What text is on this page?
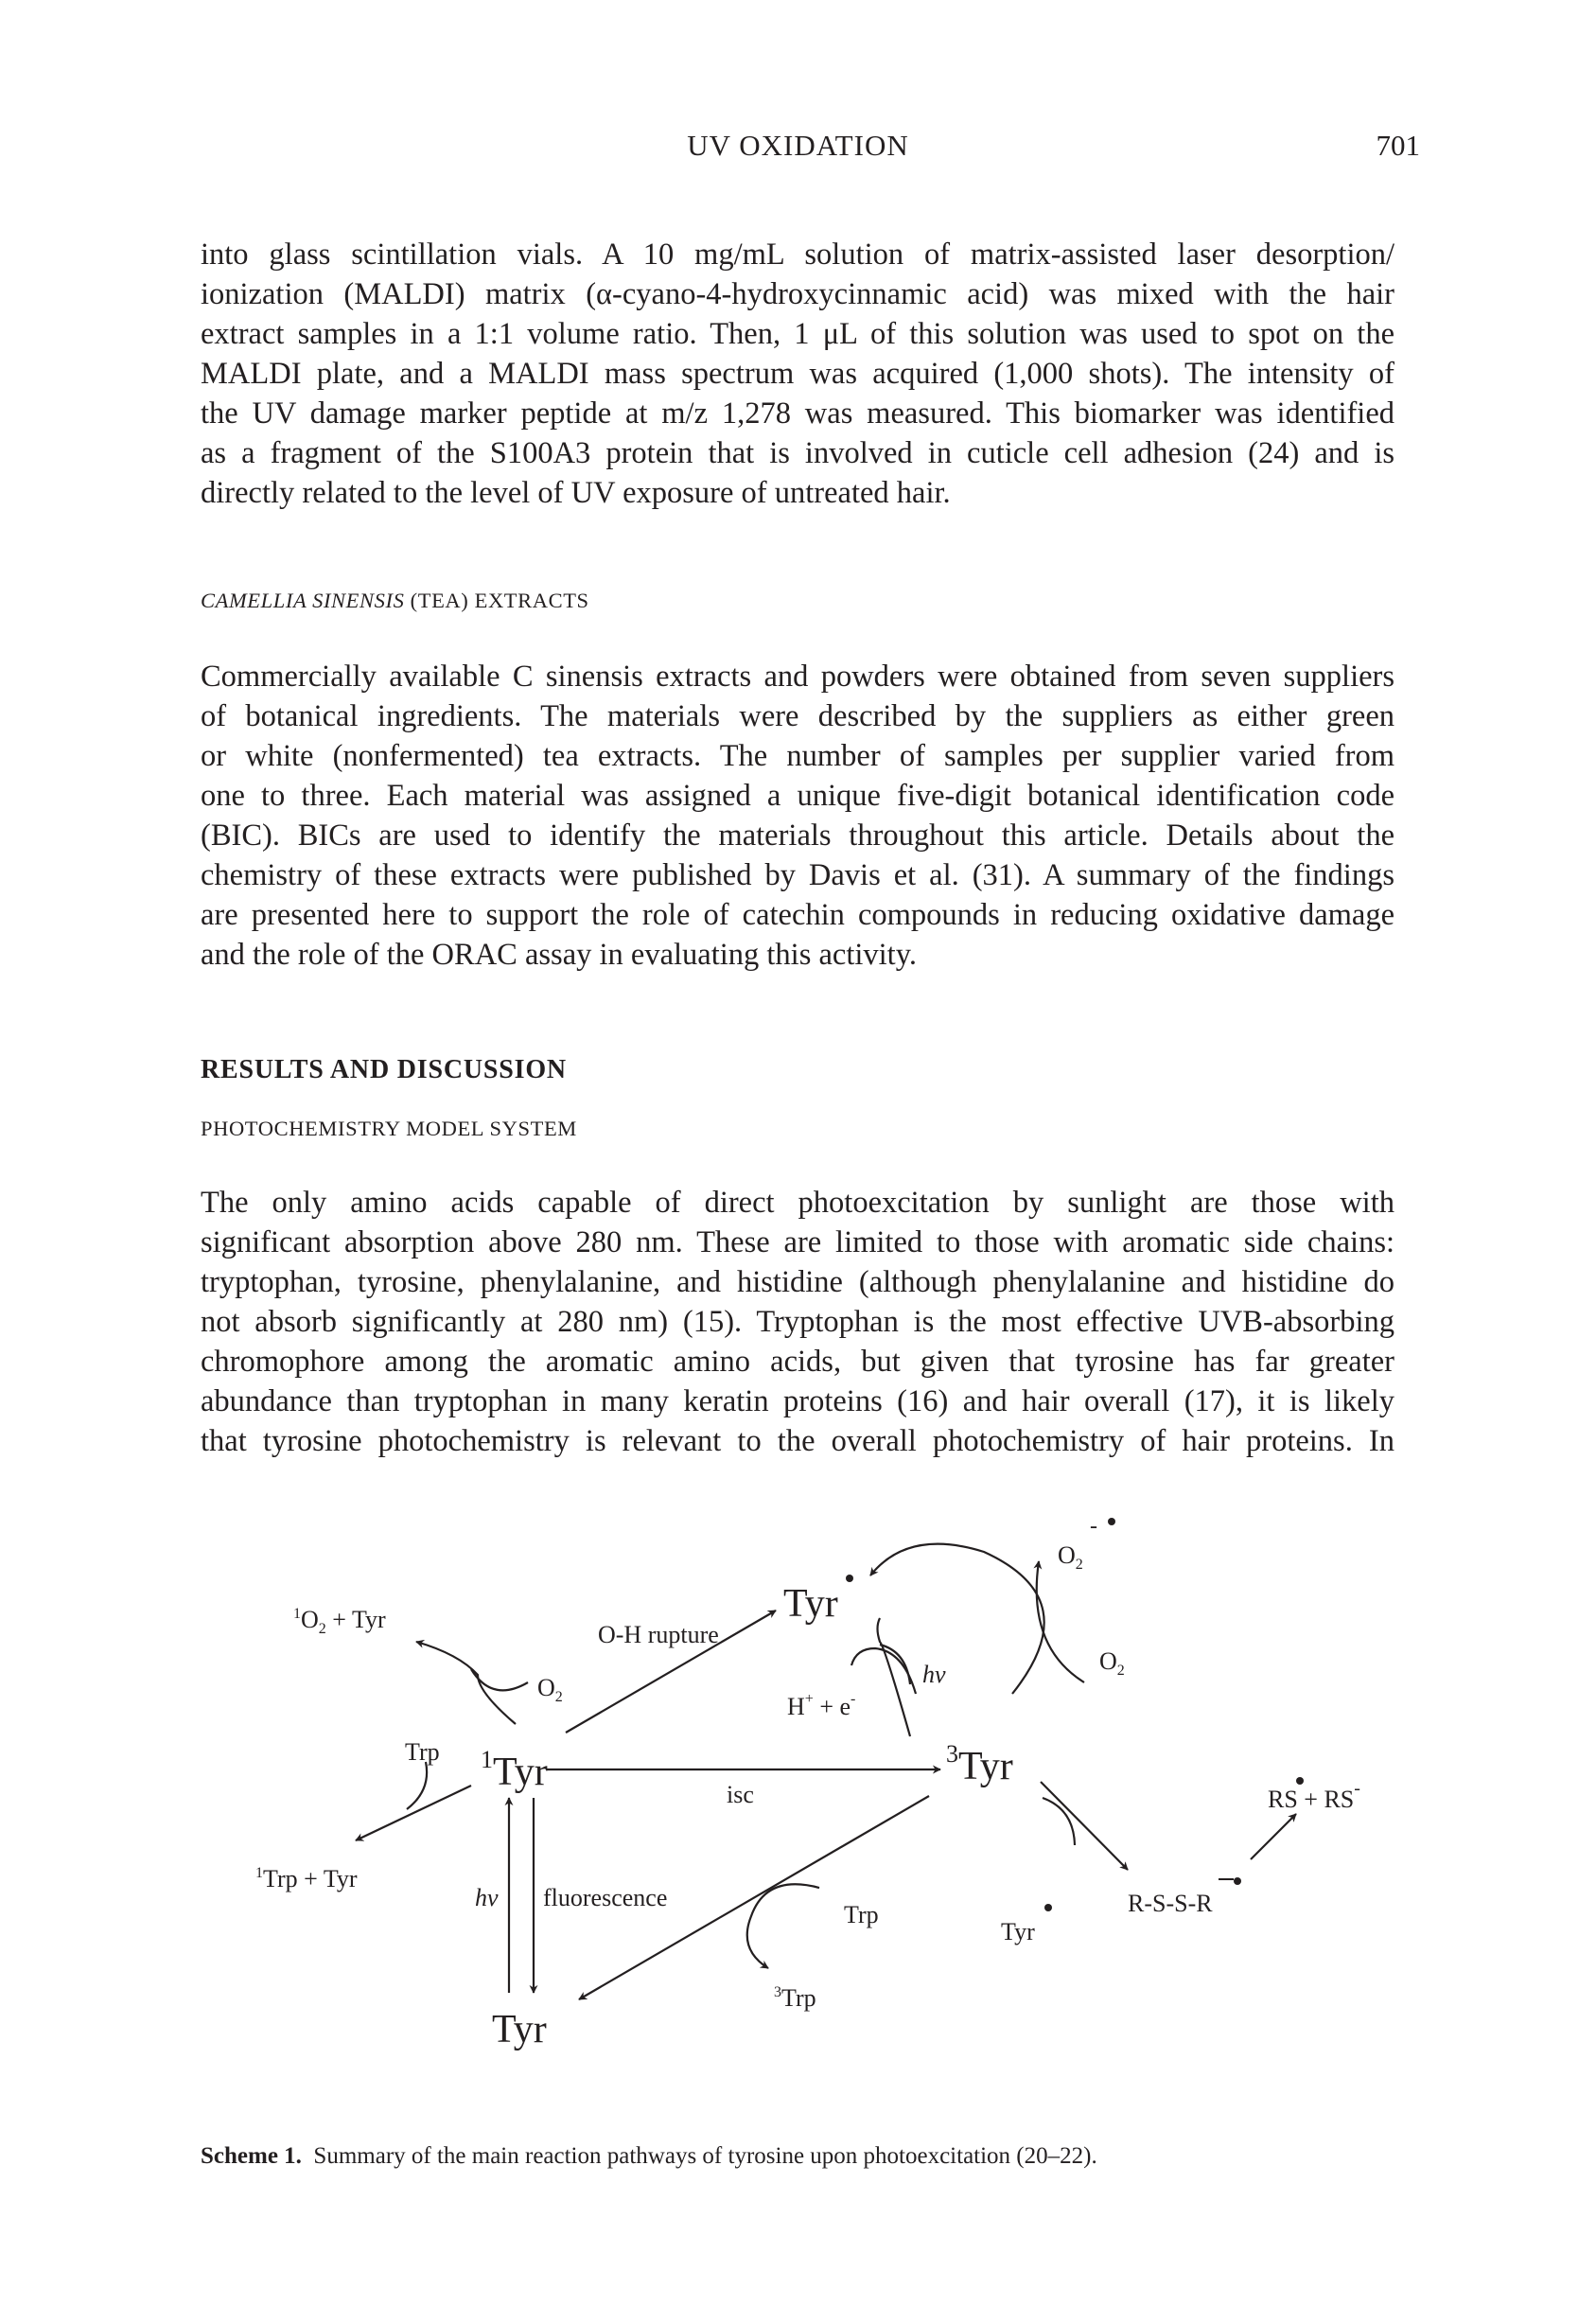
UV OXIDATION	701
into glass scintillation vials. A 10 mg/mL solution of matrix-assisted laser desorption/
ionization (MALDI) matrix (α-cyano-4-hydroxycinnamic acid) was mixed with the hair
extract samples in a 1:1 volume ratio. Then, 1 μL of this solution was used to spot on the
MALDI plate, and a MALDI mass spectrum was acquired (1,000 shots). The intensity of
the UV damage marker peptide at m/z 1,278 was measured. This biomarker was identified
as a fragment of the S100A3 protein that is involved in cuticle cell adhesion (24) and is
directly related to the level of UV exposure of untreated hair.
CAMELLIA SINENSIS (TEA) EXTRACTS
Commercially available C sinensis extracts and powders were obtained from seven suppliers
of botanical ingredients. The materials were described by the suppliers as either green
or white (nonfermented) tea extracts. The number of samples per supplier varied from
one to three. Each material was assigned a unique five-digit botanical identification code
(BIC). BICs are used to identify the materials throughout this article. Details about the
chemistry of these extracts were published by Davis et al. (31). A summary of the findings
are presented here to support the role of catechin compounds in reducing oxidative damage
and the role of the ORAC assay in evaluating this activity.
RESULTS AND DISCUSSION
PHOTOCHEMISTRY MODEL SYSTEM
The only amino acids capable of direct photoexcitation by sunlight are those with
significant absorption above 280 nm. These are limited to those with aromatic side chains:
tryptophan, tyrosine, phenylalanine, and histidine (although phenylalanine and histidine do
not absorb significantly at 280 nm) (15). Tryptophan is the most effective UVB-absorbing
chromophore among the aromatic amino acids, but given that tyrosine has far greater
abundance than tryptophan in many keratin proteins (16) and hair overall (17), it is likely
that tyrosine photochemistry is relevant to the overall photochemistry of hair proteins. In
$O_2$
-
$^1O_2$ + Tyr
O-H rupture
Tyr
$O_2$
$O_2$
hν
H+ + e-
Trp $^1$Tyr	$^3$Tyr
isc	RS + RS-
$^1$Trp + Tyr
hν fluorescence
Trp
Tyr
R-S-S-R
$^3$Trp
Tyr
Scheme 1. Summary of the main reaction pathways of tyrosine upon photoexcitation (20–22).
